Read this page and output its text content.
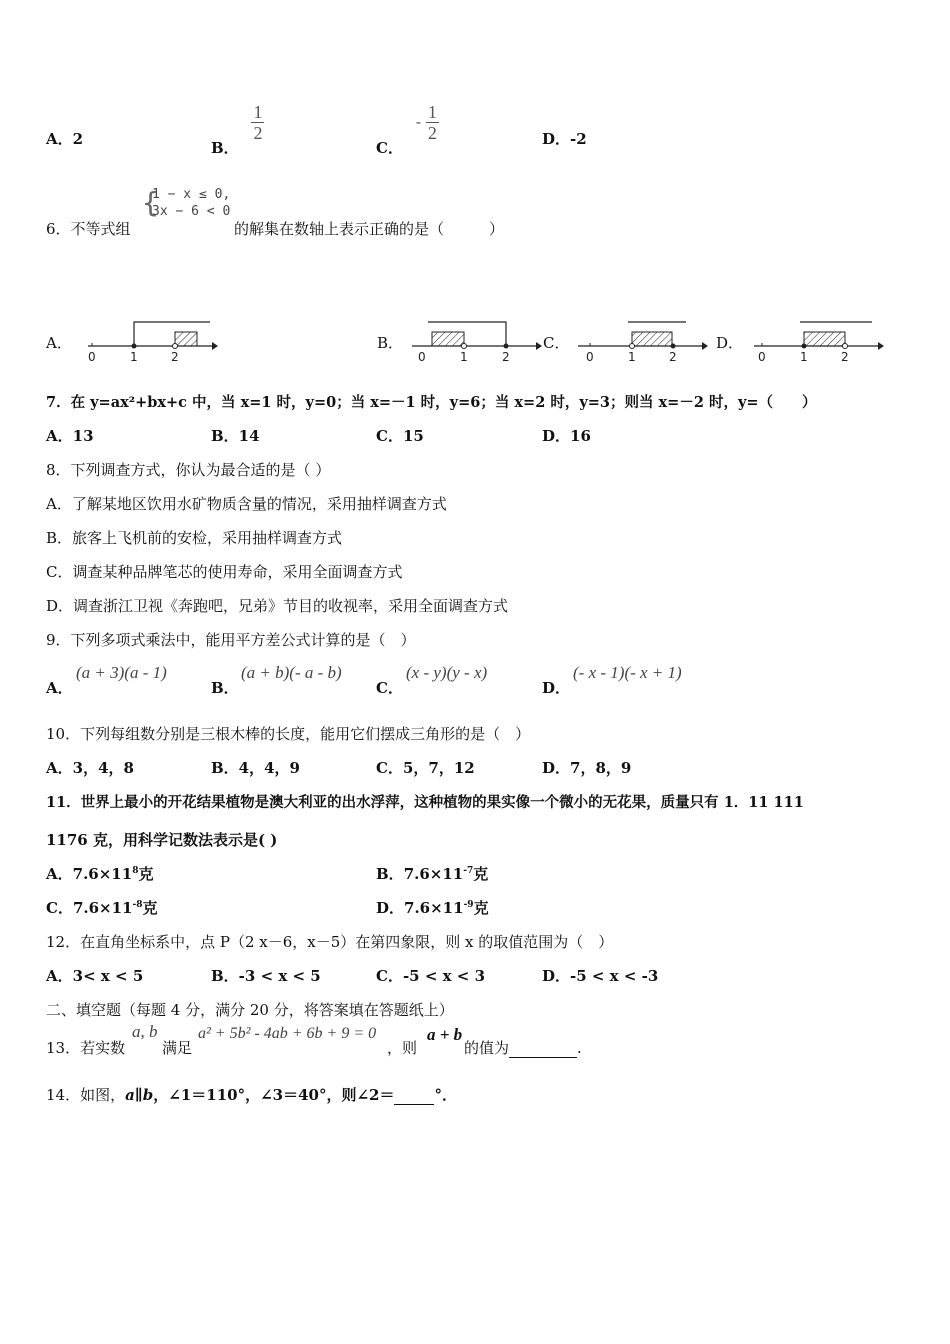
A．2	B．
$\frac{1}{2}$
C． - $\frac{1}{2}$	D．-2
6．不等式组
{
1 − x ≤ 0,
3x − 6 < 0
的解集在数轴上表示正确的是（　　　）
A．	B．	C．	D．
0	1	2	0	1	2	0	1	2	0	1	2
7．在 y=ax²+bx+c 中，当 x=1 时，y=0；当 x=－1 时，y=6；当 x=2 时，y=3；则当 x=－2 时，y=（　　）
A．13	B．14	C．15	D．16
8．下列调查方式，你认为最合适的是（ ）
A．了解某地区饮用水矿物质含量的情况，采用抽样调查方式
B．旅客上飞机前的安检，采用抽样调查方式
C．调查某种品牌笔芯的使用寿命，采用全面调查方式
D．调查浙江卫视《奔跑吧，兄弟》节目的收视率，采用全面调查方式
9．下列多项式乘法中，能用平方差公式计算的是（　）
A．
(a + 3)(a - 1)
B．
(a + b)(- a - b)
C．
(x - y)(y - x)
D．
(- x - 1)(- x + 1)
10．下列每组数分别是三根木棒的长度，能用它们摆成三角形的是（　）
A．3，4，8	B．4，4，9	C．5，7，12	D．7，8，9
11．世界上最小的开花结果植物是澳大利亚的出水浮萍，这种植物的果实像一个微小的无花果，质量只有 1．11 111
1176 克，用科学记数法表示是( )
A．$7.6\times 11^8$克	B．$7.6\times 11^{-7}$克
C．$7.6\times 11^{-8}$克	D．$7.6\times 11^{-9}$克
12．在直角坐标系中，点 P（2 x－6，x－5）在第四象限，则 x 的取值范围为（　）
A．3< x < 5	B．-3 < x < 5	C．-5 < x < 3	D．-5 < x < -3
二、填空题（每题 4 分，满分 20 分，将答案填在答题纸上）
13．若实数
a, b
满足
a² + 5b² - 4ab + 6b + 9 = 0
，则
a + b
的值为	.
14．如图，a∥b，∠1＝110°，∠3＝40°，则∠2＝	°．
